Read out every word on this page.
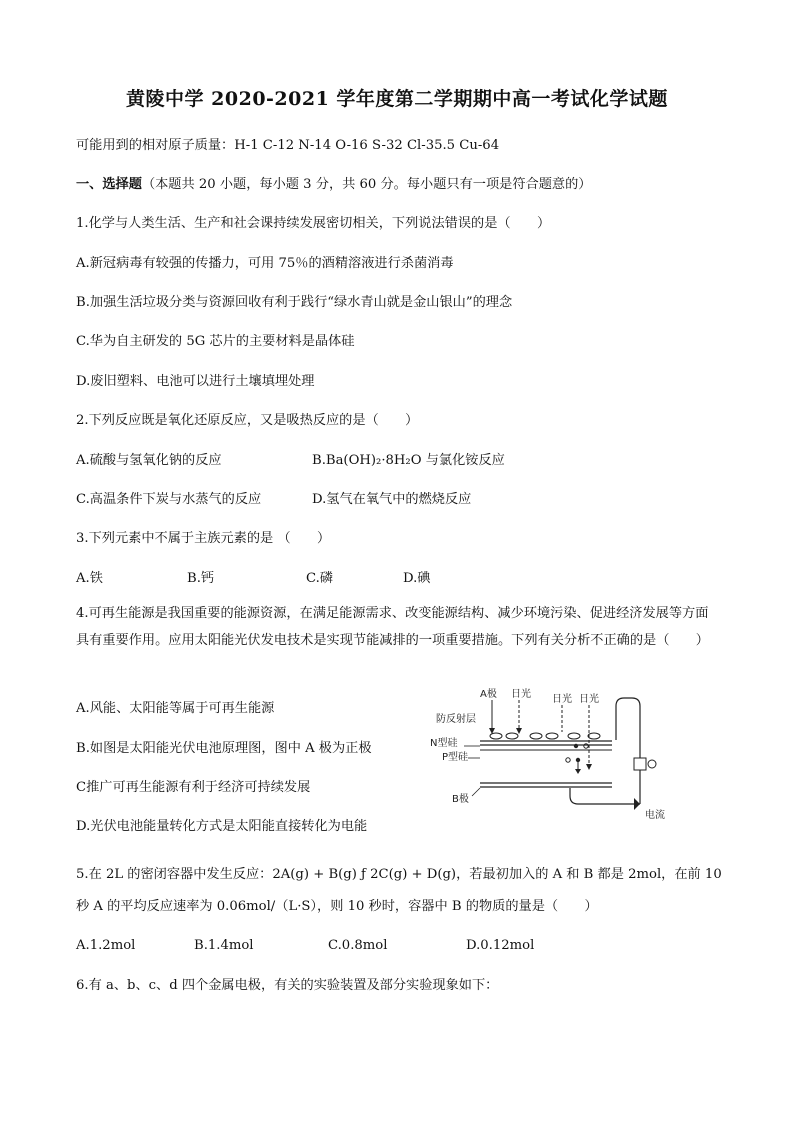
黄陵中学 2020-2021 学年度第二学期期中高一考试化学试题
可能用到的相对原子质量：H-1 C-12 N-14 O-16 S-32 Cl-35.5 Cu-64
一、选择题（本题共 20 小题，每小题 3 分，共 60 分。每小题只有一项是符合题意的）
1.化学与人类生活、生产和社会课持续发展密切相关，下列说法错误的是（　　）
A.新冠病毒有较强的传播力，可用 75％的酒精溶液进行杀菌消毒
B.加强生活垃圾分类与资源回收有利于践行“绿水青山就是金山银山”的理念
C.华为自主研发的 5G 芯片的主要材料是晶体硅
D.废旧塑料、电池可以进行土壤填埋处理
2.下列反应既是氧化还原反应，又是吸热反应的是（　　）
A.硫酸与氢氧化钠的反应	B.Ba(OH)₂·8H₂O 与氯化铵反应
C.高温条件下炭与水蒸气的反应	D.氢气在氧气中的燃烧反应
3.下列元素中不属于主族元素的是 （　　）
A.铁	B.钙	C.磷	D.碘
4.可再生能源是我国重要的能源资源，在满足能源需求、改变能源结构、减少环境污染、促进经济发展等方面具有重要作用。应用太阳能光伏发电技术是实现节能减排的一项重要措施。下列有关分析不正确的是（　　）
A.风能、太阳能等属于可再生能源
B.如图是太阳能光伏电池原理图，图中 A 极为正极
C推广可再生能源有利于经济可持续发展
D.光伏电池能量转化方式是太阳能直接转化为电能
A极 日光 日光 日光
防反射层
N型硅
P型硅
B极
电流
5.在 2L 的密闭容器中发生反应：2A(g) + B(g) ƒ 2C(g) + D(g)，若最初加入的 A 和 B 都是 2mol，在前 10
秒 A 的平均反应速率为 0.06mol/（L·S），则 10 秒时，容器中 B 的物质的量是（　　）
A.1.2mol	B.1.4mol	C.0.8mol	D.0.12mol
6.有 a、b、c、d 四个金属电极，有关的实验装置及部分实验现象如下：
